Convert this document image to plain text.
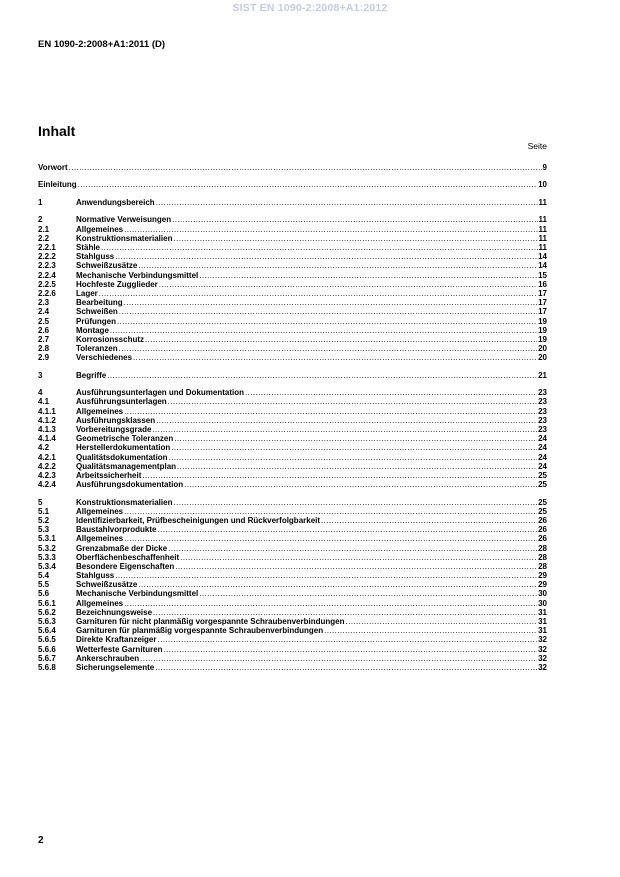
SIST EN 1090-2:2008+A1:2012
EN 1090-2:2008+A1:2011 (D)
Inhalt
Seite
Vorwort .....	9
Einleitung .....	10
1	Anwendungsbereich .....	11
2	Normative Verweisungen .....	11
2.1	Allgemeines .....	11
2.2	Konstruktionsmaterialien .....	11
2.2.1	Stähle .....	11
2.2.2	Stahlguss .....	14
2.2.3	Schweißzusätze .....	14
2.2.4	Mechanische Verbindungsmittel .....	15
2.2.5	Hochfeste Zugglieder .....	16
2.2.6	Lager .....	17
2.3	Bearbeitung .....	17
2.4	Schweißen .....	17
2.5	Prüfungen .....	19
2.6	Montage .....	19
2.7	Korrosionsschutz .....	19
2.8	Toleranzen .....	20
2.9	Verschiedenes .....	20
3	Begriffe .....	21
4	Ausführungsunterlagen und Dokumentation .....	23
4.1	Ausführungsunterlagen .....	23
4.1.1	Allgemeines .....	23
4.1.2	Ausführungsklassen .....	23
4.1.3	Vorbereitungsgrade .....	23
4.1.4	Geometrische Toleranzen .....	24
4.2	Herstellerdokumentation .....	24
4.2.1	Qualitätsdokumentation .....	24
4.2.2	Qualitätsmanagementplan .....	24
4.2.3	Arbeitssicherheit .....	25
4.2.4	Ausführungsdokumentation .....	25
5	Konstruktionsmaterialien .....	25
5.1	Allgemeines .....	25
5.2	Identifizierbarkeit, Prüfbescheinigungen und Rückverfolgbarkeit .....	26
5.3	Baustahlvorprodukte .....	26
5.3.1	Allgemeines .....	26
5.3.2	Grenzabmaße der Dicke .....	28
5.3.3	Oberflächenbeschaffenheit .....	28
5.3.4	Besondere Eigenschaften .....	28
5.4	Stahlguss .....	29
5.5	Schweißzusätze .....	29
5.6	Mechanische Verbindungsmittel .....	30
5.6.1	Allgemeines .....	30
5.6.2	Bezeichnungsweise .....	31
5.6.3	Garnituren für nicht planmäßig vorgespannte Schraubenverbindungen .....	31
5.6.4	Garnituren für planmäßig vorgespannte Schraubenverbindungen .....	31
5.6.5	Direkte Kraftanzeiger .....	32
5.6.6	Wetterfeste Garnituren .....	32
5.6.7	Ankerschrauben .....	32
5.6.8	Sicherungselemente .....	32
2
